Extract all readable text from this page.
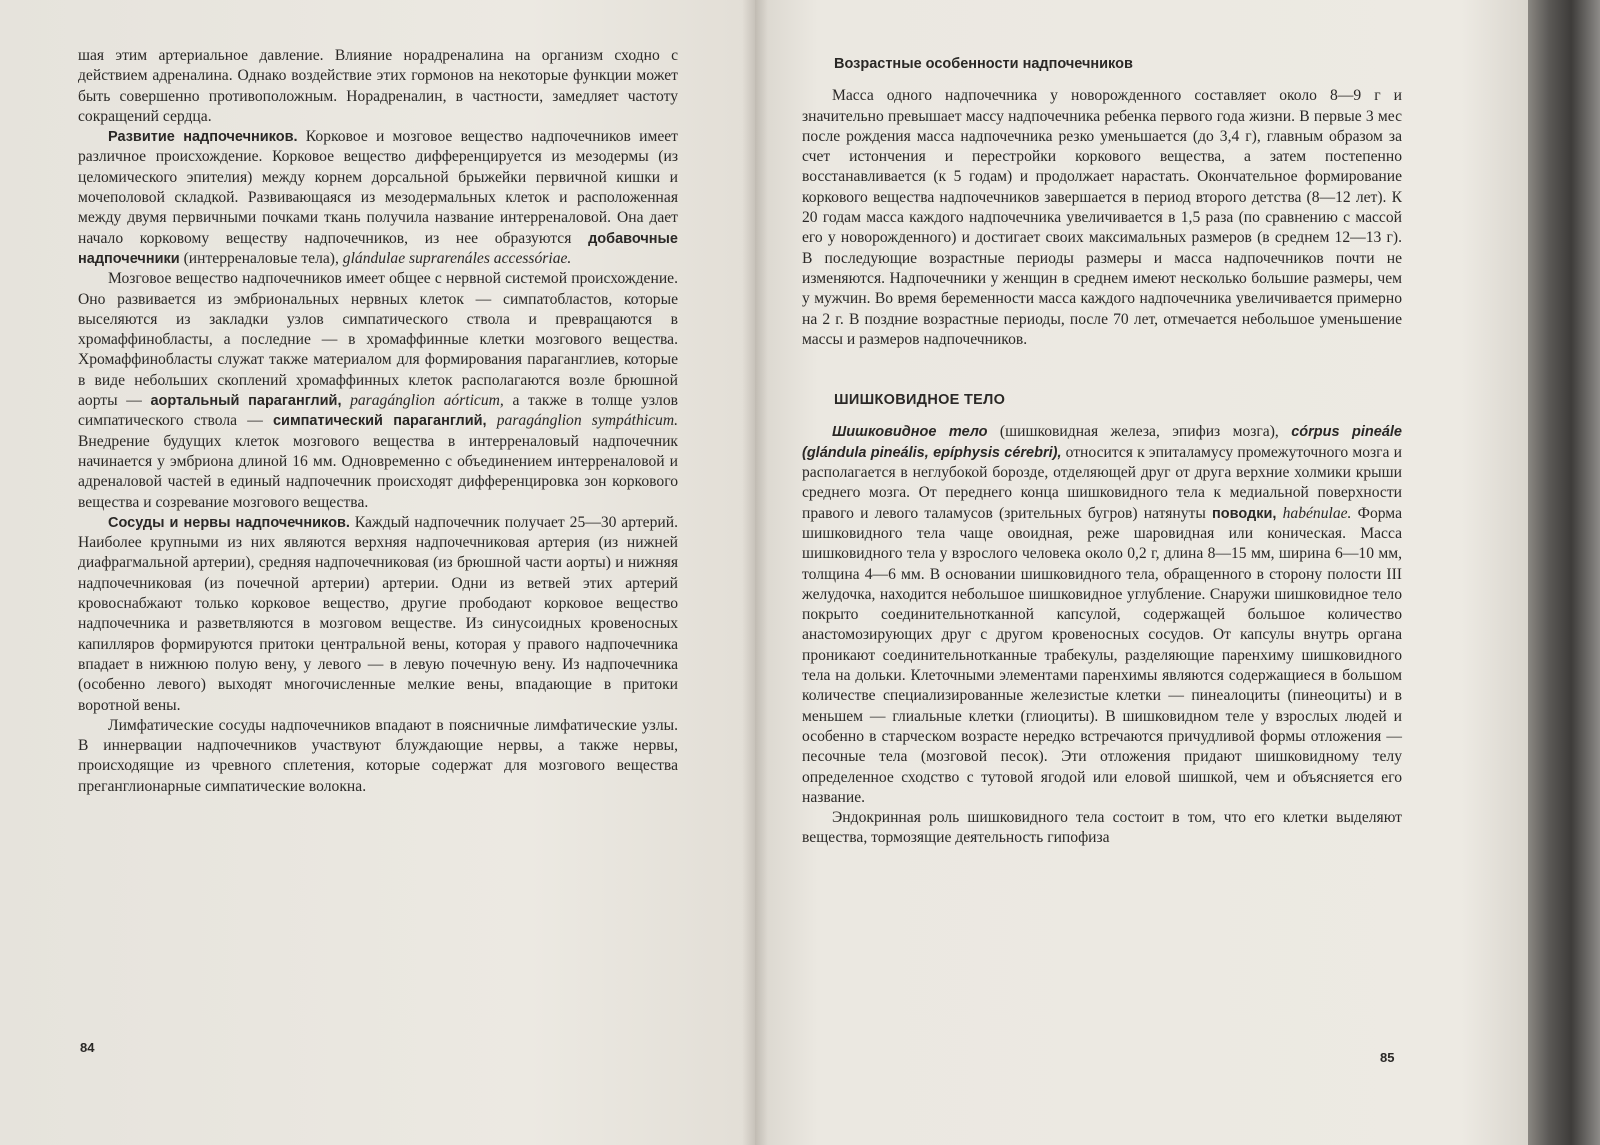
шая этим артериальное давление. Влияние норадреналина на организм сходно с действием адреналина. Однако воздействие этих гормонов на некоторые функции может быть совершенно противоположным. Норадреналин, в частности, замедляет частоту сокращений сердца.

Развитие надпочечников. Корковое и мозговое вещество надпочечников имеет различное происхождение. Корковое вещество дифференцируется из мезодермы (из целомического эпителия) между корнем дорсальной брыжейки первичной кишки и мочеполовой складкой. Развивающаяся из мезодермальных клеток и расположенная между двумя первичными почками ткань получила название интерреналовой. Она дает начало корковому веществу надпочечников, из нее образуются добавочные надпочечники (интерреналовые тела), glándulae suprarenáles accessóriae.

Мозговое вещество надпочечников имеет общее с нервной системой происхождение. Оно развивается из эмбриональных нервных клеток — симпатобластов, которые выселяются из закладки узлов симпатического ствола и превращаются в хромаффинобласты, а последние — в хромаффинные клетки мозгового вещества. Хромаффинобласты служат также материалом для формирования параганглиев, которые в виде небольших скоплений хромаффинных клеток располагаются возле брюшной аорты — аортальный параганглий, paragánglion aórticum, а также в толще узлов симпатического ствола — симпатический параганглий, paragánglion sympáthicum. Внедрение будущих клеток мозгового вещества в интерреналовый надпочечник начинается у эмбриона длиной 16 мм. Одновременно с объединением интерреналовой и адреналовой частей в единый надпочечник происходят дифференцировка зон коркового вещества и созревание мозгового вещества.

Сосуды и нервы надпочечников. Каждый надпочечник получает 25—30 артерий. Наиболее крупными из них являются верхняя надпочечниковая артерия (из нижней диафрагмальной артерии), средняя надпочечниковая (из брюшной части аорты) и нижняя надпочечниковая (из почечной артерии) артерии. Одни из ветвей этих артерий кровоснабжают только корковое вещество, другие прободают корковое вещество надпочечника и разветвляются в мозговом веществе. Из синусоидных кровеносных капилляров формируются притоки центральной вены, которая у правого надпочечника впадает в нижнюю полую вену, у левого — в левую почечную вену. Из надпочечника (особенно левого) выходят многочисленные мелкие вены, впадающие в притоки воротной вены.

Лимфатические сосуды надпочечников впадают в поясничные лимфатические узлы. В иннервации надпочечников участвуют блуждающие нервы, а также нервы, происходящие из чревного сплетения, которые содержат для мозгового вещества преганглионарные симпатические волокна.

84

Возрастные особенности надпочечников

Масса одного надпочечника у новорожденного составляет около 8—9 г и значительно превышает массу надпочечника ребенка первого года жизни. В первые 3 мес после рождения масса надпочечника резко уменьшается (до 3,4 г), главным образом за счет истончения и перестройки коркового вещества, а затем постепенно восстанавливается (к 5 годам) и продолжает нарастать. Окончательное формирование коркового вещества надпочечников завершается в период второго детства (8—12 лет). К 20 годам масса каждого надпочечника увеличивается в 1,5 раза (по сравнению с массой его у новорожденного) и достигает своих максимальных размеров (в среднем 12—13 г). В последующие возрастные периоды размеры и масса надпочечников почти не изменяются. Надпочечники у женщин в среднем имеют несколько большие размеры, чем у мужчин. Во время беременности масса каждого надпочечника увеличивается примерно на 2 г. В поздние возрастные периоды, после 70 лет, отмечается небольшое уменьшение массы и размеров надпочечников.

ШИШКОВИДНОЕ ТЕЛО

Шишковидное тело (шишковидная железа, эпифиз мозга), córpus pineále (glándula pineális, epíphysis cérebri), относится к эпиталамусу промежуточного мозга и располагается в неглубокой борозде, отделяющей друг от друга верхние холмики крыши среднего мозга. От переднего конца шишковидного тела к медиальной поверхности правого и левого таламусов (зрительных бугров) натянуты поводки, habénulae. Форма шишковидного тела чаще овоидная, реже шаровидная или коническая. Масса шишковидного тела у взрослого человека около 0,2 г, длина 8—15 мм, ширина 6—10 мм, толщина 4—6 мм. В основании шишковидного тела, обращенного в сторону полости III желудочка, находится небольшое шишковидное углубление. Снаружи шишковидное тело покрыто соединительнотканной капсулой, содержащей большое количество анастомозирующих друг с другом кровеносных сосудов. От капсулы внутрь органа проникают соединительнотканные трабекулы, разделяющие паренхиму шишковидного тела на дольки. Клеточными элементами паренхимы являются содержащиеся в большом количестве специализированные железистые клетки — пинеалоциты (пинеоциты) и в меньшем — глиальные клетки (глиоциты). В шишковидном теле у взрослых людей и особенно в старческом возрасте нередко встречаются причудливой формы отложения — песочные тела (мозговой песок). Эти отложения придают шишковидному телу определенное сходство с тутовой ягодой или еловой шишкой, чем и объясняется его название.

Эндокринная роль шишковидного тела состоит в том, что его клетки выделяют вещества, тормозящие деятельность гипофиза

85
